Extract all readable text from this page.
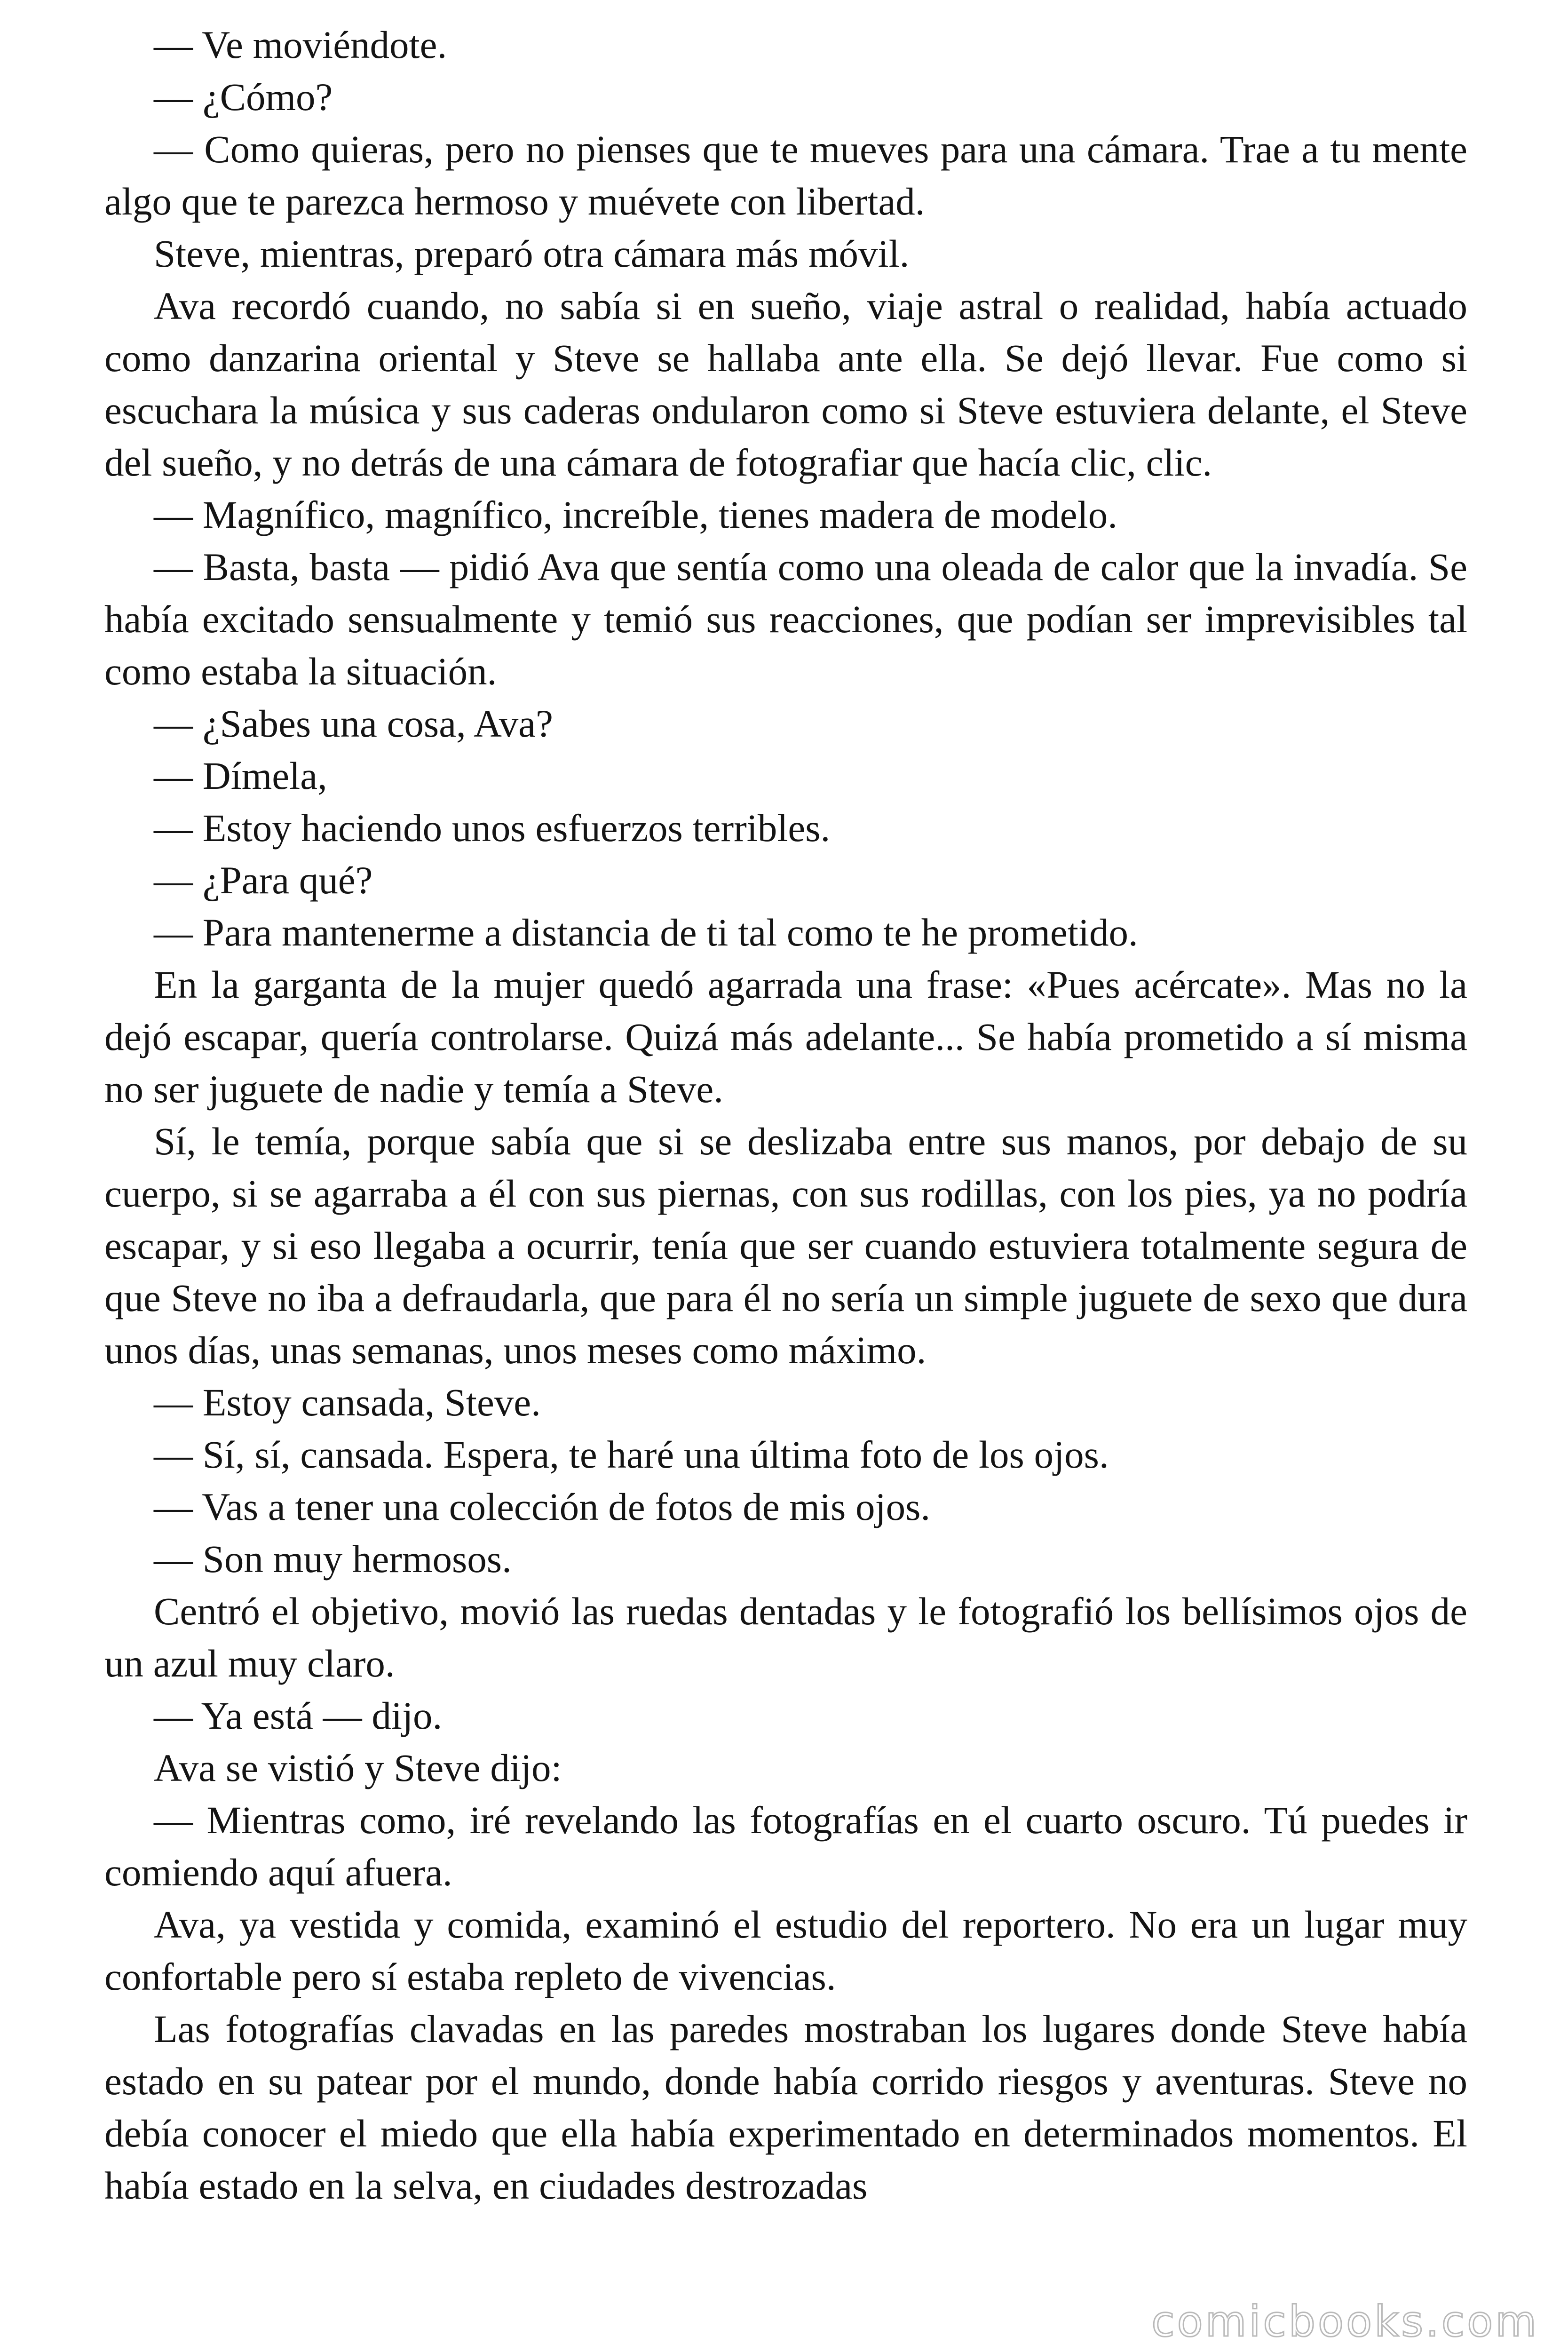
— Ve moviéndote.

— ¿Cómo?

— Como quieras, pero no pienses que te mueves para una cámara. Trae a tu mente algo que te parezca hermoso y muévete con libertad.

Steve, mientras, preparó otra cámara más móvil.

Ava recordó cuando, no sabía si en sueño, viaje astral o realidad, había actuado como danzarina oriental y Steve se hallaba ante ella. Se dejó llevar. Fue como si escuchara la música y sus caderas ondularon como si Steve estuviera delante, el Steve del sueño, y no detrás de una cámara de fotografiar que hacía clic, clic.

— Magnífico, magnífico, increíble, tienes madera de modelo.

— Basta, basta — pidió Ava que sentía como una oleada de calor que la invadía. Se había excitado sensualmente y temió sus reacciones, que podían ser imprevisibles tal como estaba la situación.

— ¿Sabes una cosa, Ava?

— Dímela,

— Estoy haciendo unos esfuerzos terribles.

— ¿Para qué?

— Para mantenerme a distancia de ti tal como te he prometido.

En la garganta de la mujer quedó agarrada una frase: «Pues acércate». Mas no la dejó escapar, quería controlarse. Quizá más adelante... Se había prometido a sí misma no ser juguete de nadie y temía a Steve.

Sí, le temía, porque sabía que si se deslizaba entre sus manos, por debajo de su cuerpo, si se agarraba a él con sus piernas, con sus rodillas, con los pies, ya no podría escapar, y si eso llegaba a ocurrir, tenía que ser cuando estuviera totalmente segura de que Steve no iba a defraudarla, que para él no sería un simple juguete de sexo que dura unos días, unas semanas, unos meses como máximo.

— Estoy cansada, Steve.

— Sí, sí, cansada. Espera, te haré una última foto de los ojos.

— Vas a tener una colección de fotos de mis ojos.

— Son muy hermosos.

Centró el objetivo, movió las ruedas dentadas y le fotografió los bellísimos ojos de un azul muy claro.

— Ya está — dijo.

Ava se vistió y Steve dijo:

— Mientras como, iré revelando las fotografías en el cuarto oscuro. Tú puedes ir comiendo aquí afuera.

Ava, ya vestida y comida, examinó el estudio del reportero. No era un lugar muy confortable pero sí estaba repleto de vivencias.

Las fotografías clavadas en las paredes mostraban los lugares donde Steve había estado en su patear por el mundo, donde había corrido riesgos y aventuras. Steve no debía conocer el miedo que ella había experimentado en determinados momentos. El había estado en la selva, en ciudades destrozadas

comicbooks.com
